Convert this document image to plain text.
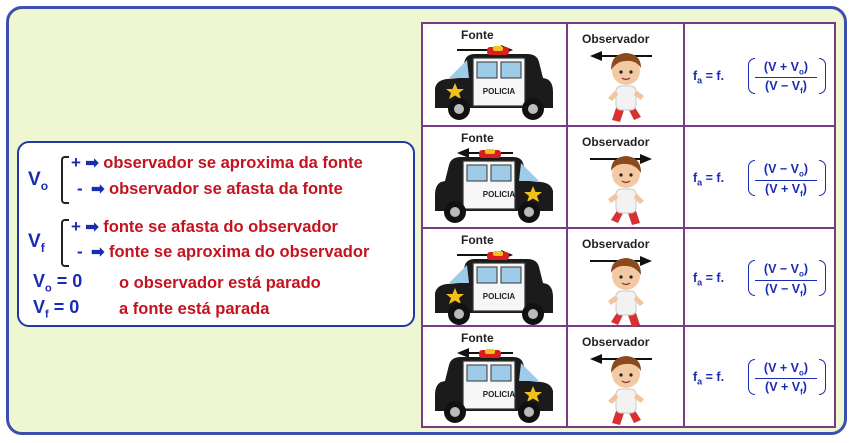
$V_o$
+ ➡ observador se aproxima da fonte
- ➡ observador se afasta da fonte
$V_f$
+ ➡ fonte se afasta do observador
- ➡ fonte se aproxima do observador
$V_o = 0$ o observador está parado
$V_f = 0$ a fonte está parada
Fonte
POLICIA
Observador
$f_a = f$. $\frac{(V + V_o)}{(V - V_f)}$
Fonte
POLICIA
Observador
$f_a = f$. $\frac{(V - V_o)}{(V + V_f)}$
Fonte
POLICIA
Observador
$f_a = f$. $\frac{(V - V_o)}{(V - V_f)}$
Fonte
POLICIA
Observador
$f_a = f$. $\frac{(V + V_o)}{(V + V_f)}$
